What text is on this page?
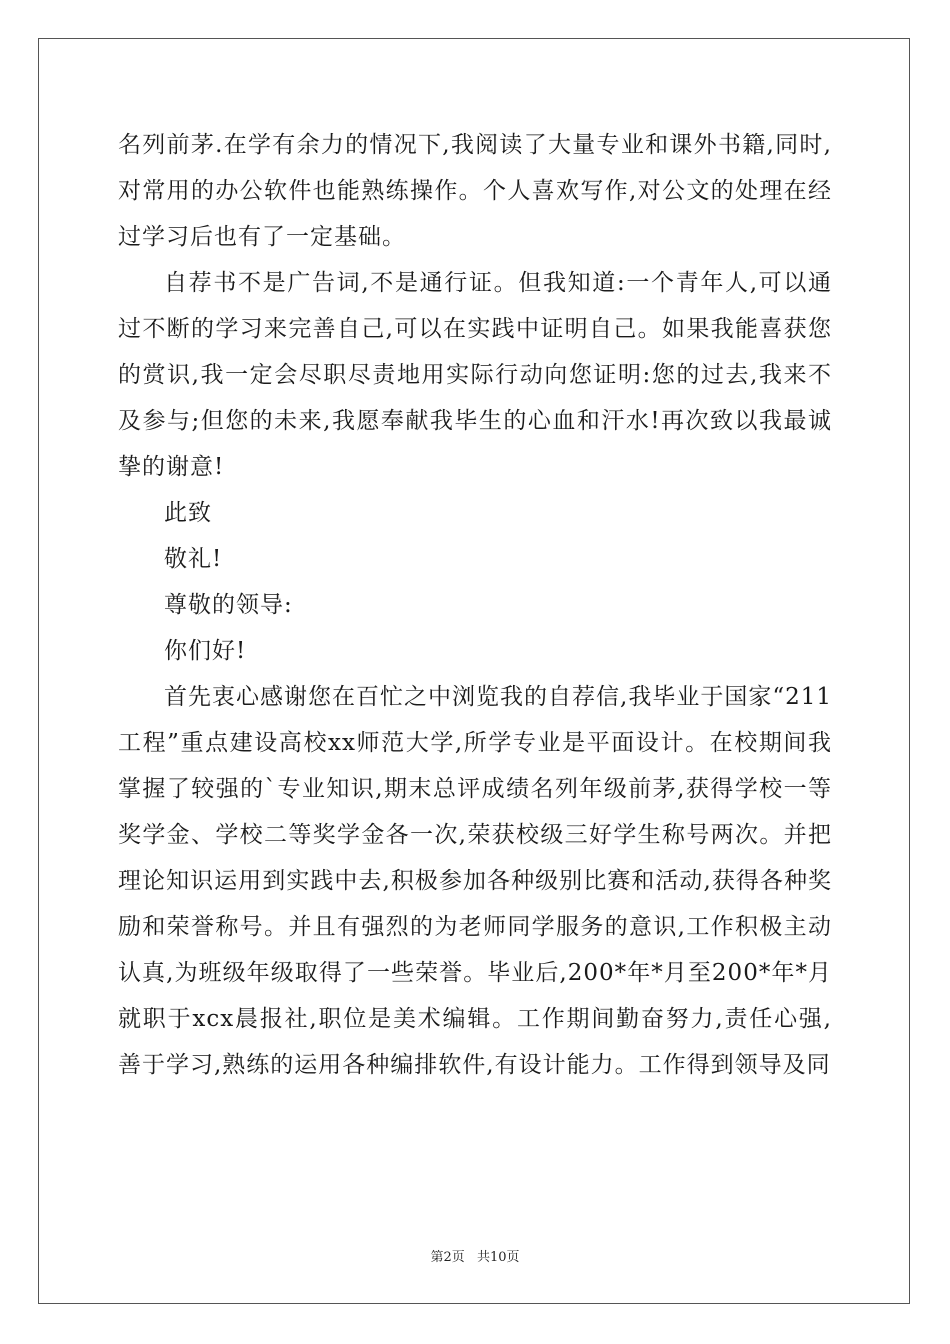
名列前茅.在学有余力的情况下,我阅读了大量专业和课外书籍,同时,对常用的办公软件也能熟练操作。个人喜欢写作,对公文的处理在经过学习后也有了一定基础。

自荐书不是广告词,不是通行证。但我知道:一个青年人,可以通过不断的学习来完善自己,可以在实践中证明自己。如果我能喜获您的赏识,我一定会尽职尽责地用实际行动向您证明:您的过去,我来不及参与;但您的未来,我愿奉献我毕生的心血和汗水!再次致以我最诚挚的谢意!

此致

敬礼!

尊敬的领导:

你们好!

首先衷心感谢您在百忙之中浏览我的自荐信,我毕业于国家“211工程”重点建设高校xx师范大学,所学专业是平面设计。在校期间我掌握了较强的`专业知识,期末总评成绩名列年级前茅,获得学校一等奖学金、学校二等奖学金各一次,荣获校级三好学生称号两次。并把理论知识运用到实践中去,积极参加各种级别比赛和活动,获得各种奖励和荣誉称号。并且有强烈的为老师同学服务的意识,工作积极主动认真,为班级年级取得了一些荣誉。毕业后,200*年*月至200*年*月就职于xcx晨报社,职位是美术编辑。工作期间勤奋努力,责任心强,善于学习,熟练的运用各种编排软件,有设计能力。工作得到领导及同

第2页 共10页
